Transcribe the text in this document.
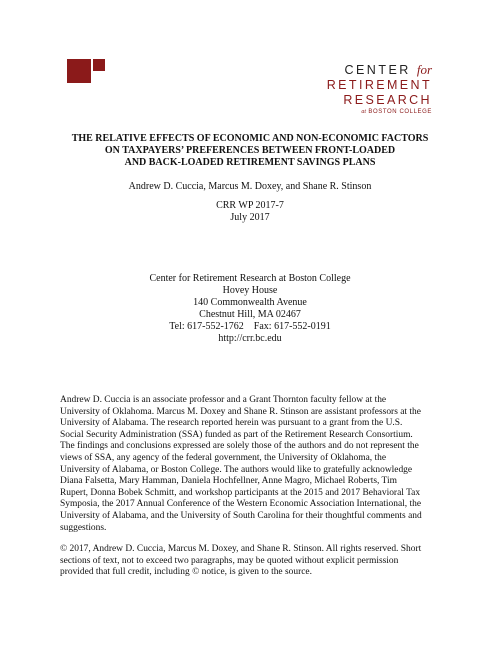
CENTER for
RETIREMENT
RESEARCH
at BOSTON COLLEGE
THE RELATIVE EFFECTS OF ECONOMIC AND NON-ECONOMIC FACTORS
ON TAXPAYERS’ PREFERENCES BETWEEN FRONT-LOADED
AND BACK-LOADED RETIREMENT SAVINGS PLANS
Andrew D. Cuccia, Marcus M. Doxey, and Shane R. Stinson
CRR WP 2017-7
July 2017
Center for Retirement Research at Boston College
Hovey House
140 Commonwealth Avenue
Chestnut Hill, MA 02467
Tel: 617-552-1762    Fax: 617-552-0191
http://crr.bc.edu
Andrew D. Cuccia is an associate professor and a Grant Thornton faculty fellow at the
University of Oklahoma. Marcus M. Doxey and Shane R. Stinson are assistant professors at the
University of Alabama. The research reported herein was pursuant to a grant from the U.S.
Social Security Administration (SSA) funded as part of the Retirement Research Consortium.
The findings and conclusions expressed are solely those of the authors and do not represent the
views of SSA, any agency of the federal government, the University of Oklahoma, the
University of Alabama, or Boston College. The authors would like to gratefully acknowledge
Diana Falsetta, Mary Hamman, Daniela Hochfellner, Anne Magro, Michael Roberts, Tim
Rupert, Donna Bobek Schmitt, and workshop participants at the 2015 and 2017 Behavioral Tax
Symposia, the 2017 Annual Conference of the Western Economic Association International, the
University of Alabama, and the University of South Carolina for their thoughtful comments and
suggestions.
© 2017, Andrew D. Cuccia, Marcus M. Doxey, and Shane R. Stinson. All rights reserved. Short
sections of text, not to exceed two paragraphs, may be quoted without explicit permission
provided that full credit, including © notice, is given to the source.
